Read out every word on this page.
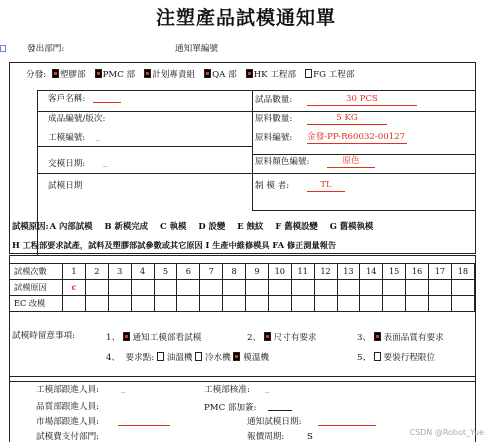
注塑產品試模通知單
發出部門:	通知單編號
分發: 塑膠部 PMC 部 計划專責組 QA 部 HK 工程部 FG 工程部
客戶名稱:
成品編號/版次:
工模編號: _
交模日期: _
試模日期
試品數量:	30 PCS
原料數量:	5 KG
原料編號: 金發-PP-R60032-00127
原料顏色編號:	原色
制 模 者:	TL
試模原因:A 內部試模 B 新模完成 C 執模 D 設變 E 蝕紋 F 舊模設變 G 舊模執模
H 工程部要求試產，試料及塑膠部試參數或其它原因 I 生產中維修模具 FA 修正測量報告
試模次數	1	2	3	4	5	6	7	8	9	10	11	12	13	14	15	16	17	18
試模原因	c																	
EC 改模																		
試模時留意事項:	1、 通知工模部看試模	2、 尺寸有要求	3、 表面品質有要求
4、 要求點: 油溫機 冷水機 模溫機	5、 要裝行程限位
工模部跟進人員:	_	工模部核准: _
品質部跟進人員:	PMC 部加簽:
市場部跟進人員:	通知試模日期:
試模費支付部門:	報價周期:	S	CSDN @Robot_Yue
